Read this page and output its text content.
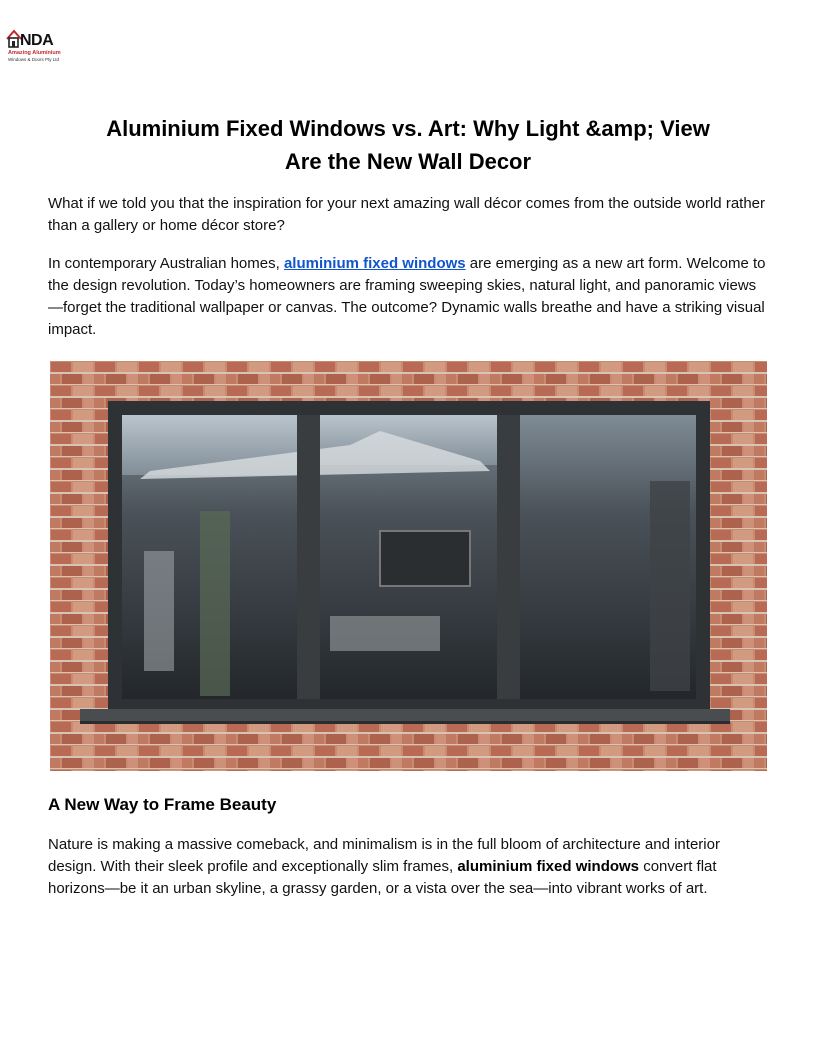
NDA
Amazing Aluminium
Windows & Doors Pty Ltd
Aluminium Fixed Windows vs. Art: Why Light &amp; View Are the New Wall Decor

What if we told you that the inspiration for your next amazing wall décor comes from the outside world rather than a gallery or home décor store?

In contemporary Australian homes, aluminium fixed windows are emerging as a new art form. Welcome to the design revolution. Today’s homeowners are framing sweeping skies, natural light, and panoramic views—forget the traditional wallpaper or canvas. The outcome? Dynamic walls breathe and have a striking visual impact.

A New Way to Frame Beauty

Nature is making a massive comeback, and minimalism is in the full bloom of architecture and interior design. With their sleek profile and exceptionally slim frames, aluminium fixed windows convert flat horizons—be it an urban skyline, a grassy garden, or a vista over the sea—into vibrant works of art.
